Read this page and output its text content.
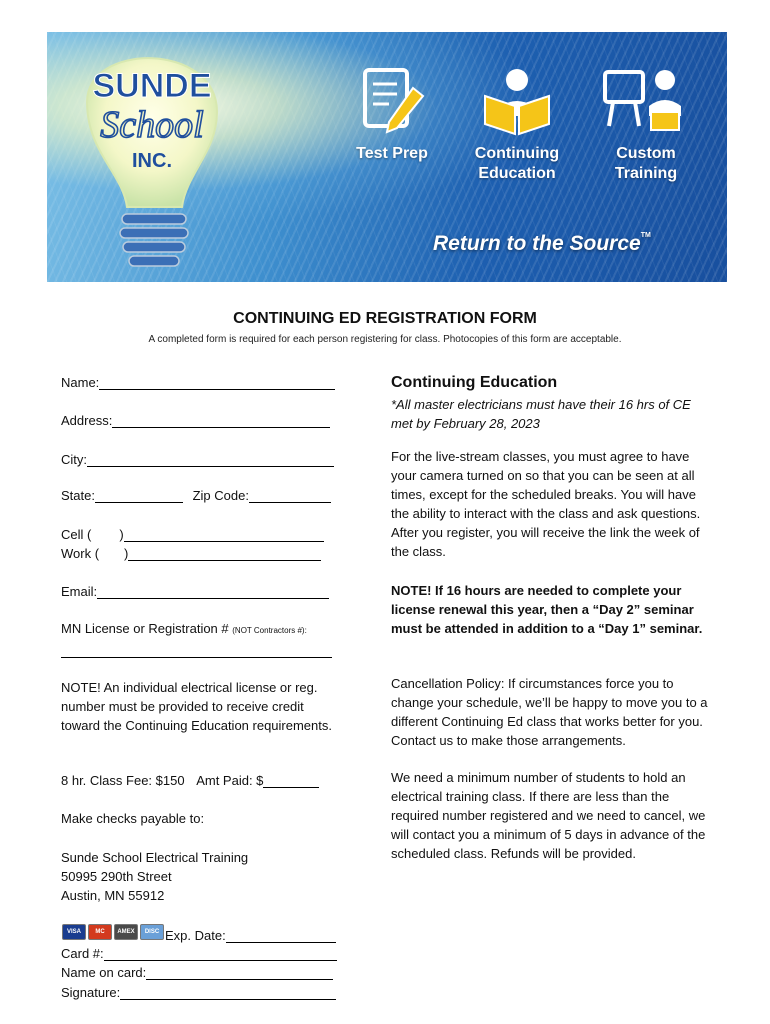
SUNDE
School
INC.	Test Prep	Continuing
Education
Custom
Training
Return to the Source™
CONTINUING ED REGISTRATION FORM
A completed form is required for each person registering for class. Photocopies of this form are acceptable.
Name:
Address:
City:
State:	Zip Code:
Cell ( )
Work ( )
Email:
MN License or Registration # (NOT Contractors #):
NOTE! An individual electrical license or reg. number must be provided to receive credit toward the Continuing Education requirements.
8 hr. Class Fee: $150 Amt Paid: $
Make checks payable to:
Sunde School Electrical Training
50995 290th Street
Austin, MN 55912
VISA	MC	AMEX	DISC Exp. Date:
Card #:
Name on card:
Signature:
Continuing Education
*All master electricians must have their 16 hrs of CE met by February 28, 2023
For the live-stream classes, you must agree to have your camera turned on so that you can be seen at all times, except for the scheduled breaks. You will have the ability to interact with the class and ask questions. After you register, you will receive the link the week of the class.
NOTE! If 16 hours are needed to complete your license renewal this year, then a “Day 2” seminar must be attended in addition to a “Day 1” seminar.
Cancellation Policy: If circumstances force you to change your schedule, we’ll be happy to move you to a different Continuing Ed class that works better for you. Contact us to make those arrangements.
We need a minimum number of students to hold an electrical training class. If there are less than the required number registered and we need to cancel, we will contact you a minimum of 5 days in advance of the scheduled class. Refunds will be provided.
